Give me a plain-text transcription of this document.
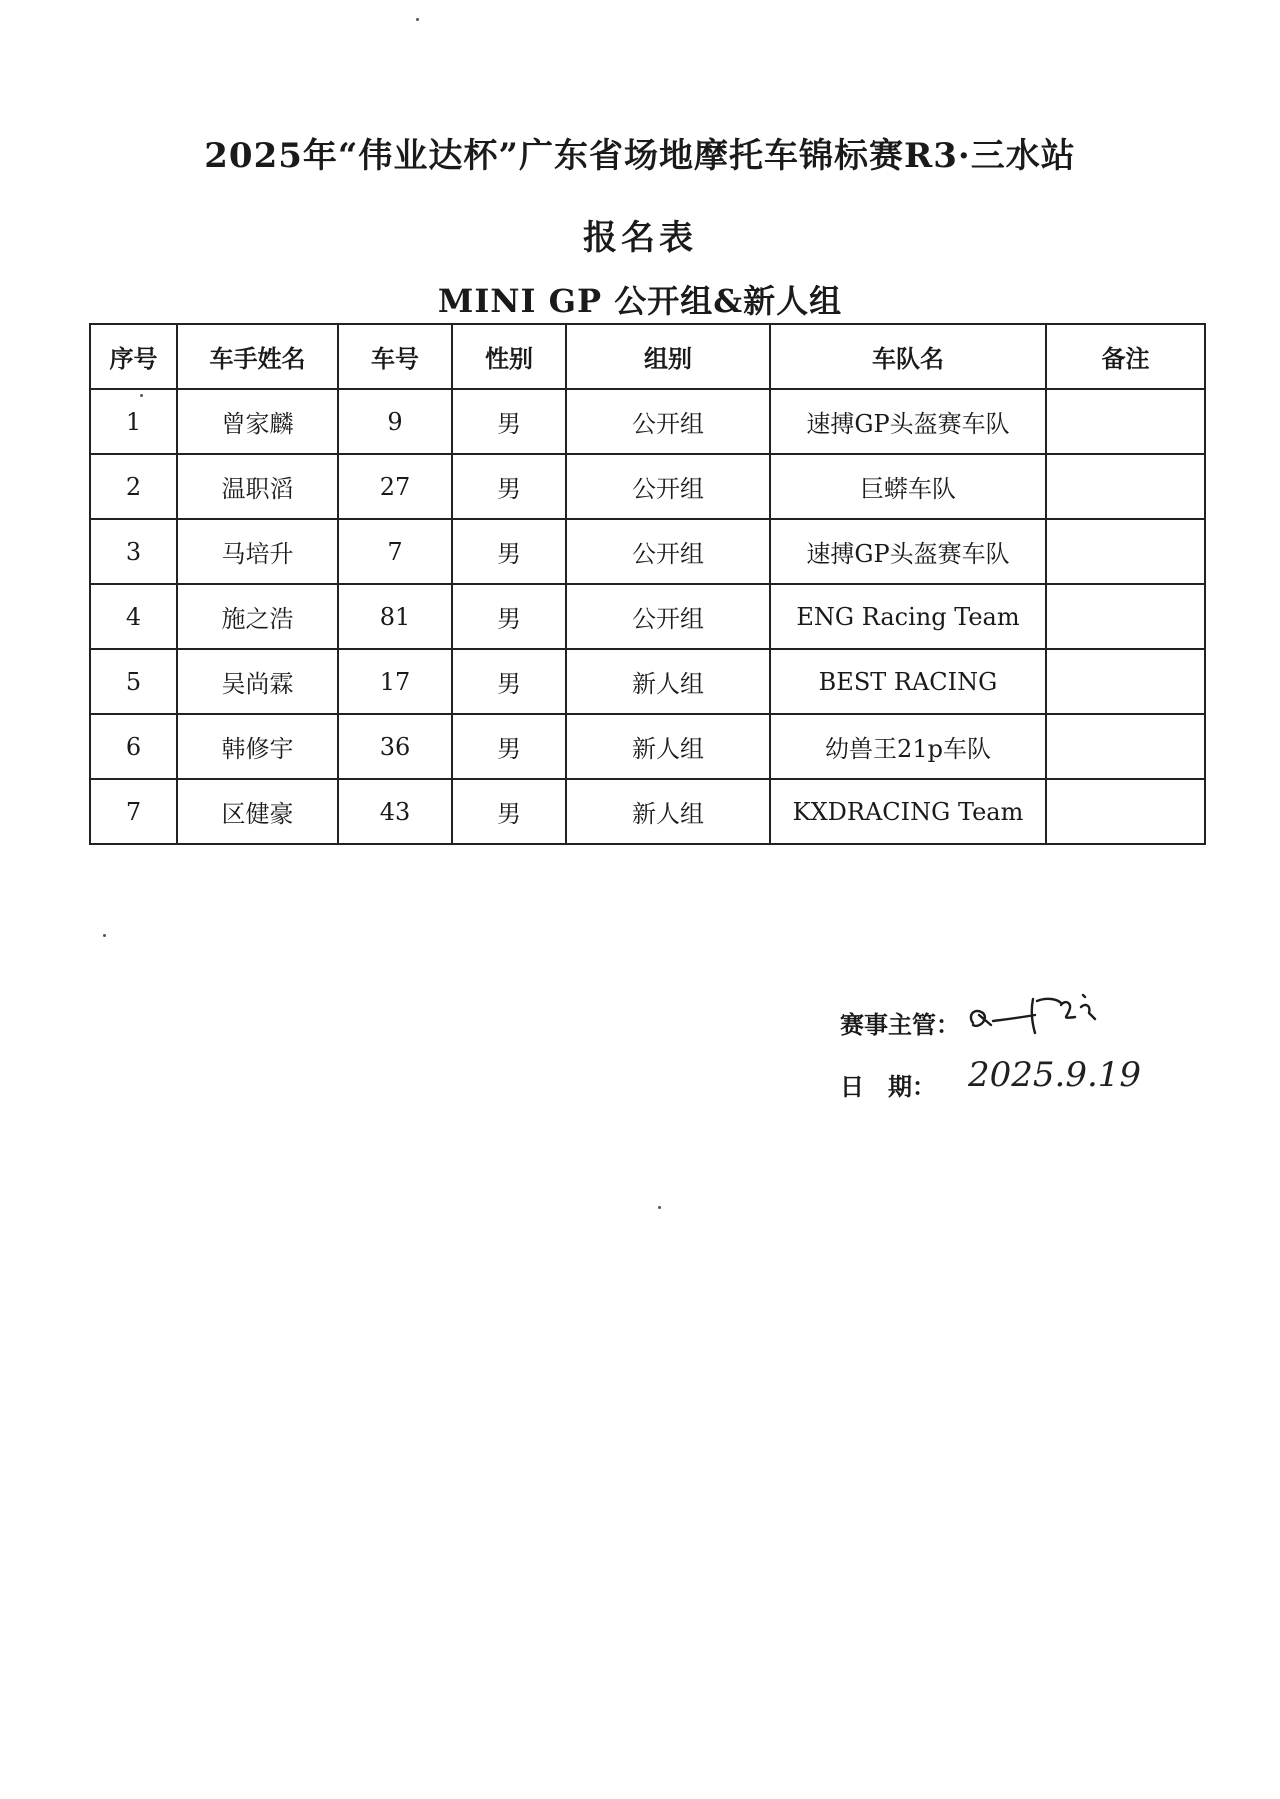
2025年“伟业达杯”广东省场地摩托车锦标赛R3·三水站
报名表
MINI GP 公开组&新人组
序号	车手姓名	车号	性别	组别	车队名	备注
1	曾家麟	9	男	公开组	速搏GP头盔赛车队	
2	温职滔	27	男	公开组	巨蟒车队	
3	马培升	7	男	公开组	速搏GP头盔赛车队	
4	施之浩	81	男	公开组	ENG Racing Team	
5	吴尚霖	17	男	新人组	BEST RACING	
6	韩修宇	36	男	新人组	幼兽王21p车队	
7	区健豪	43	男	新人组	KXDRACING Team	
赛事主管：
日　期： 2025.9.19
